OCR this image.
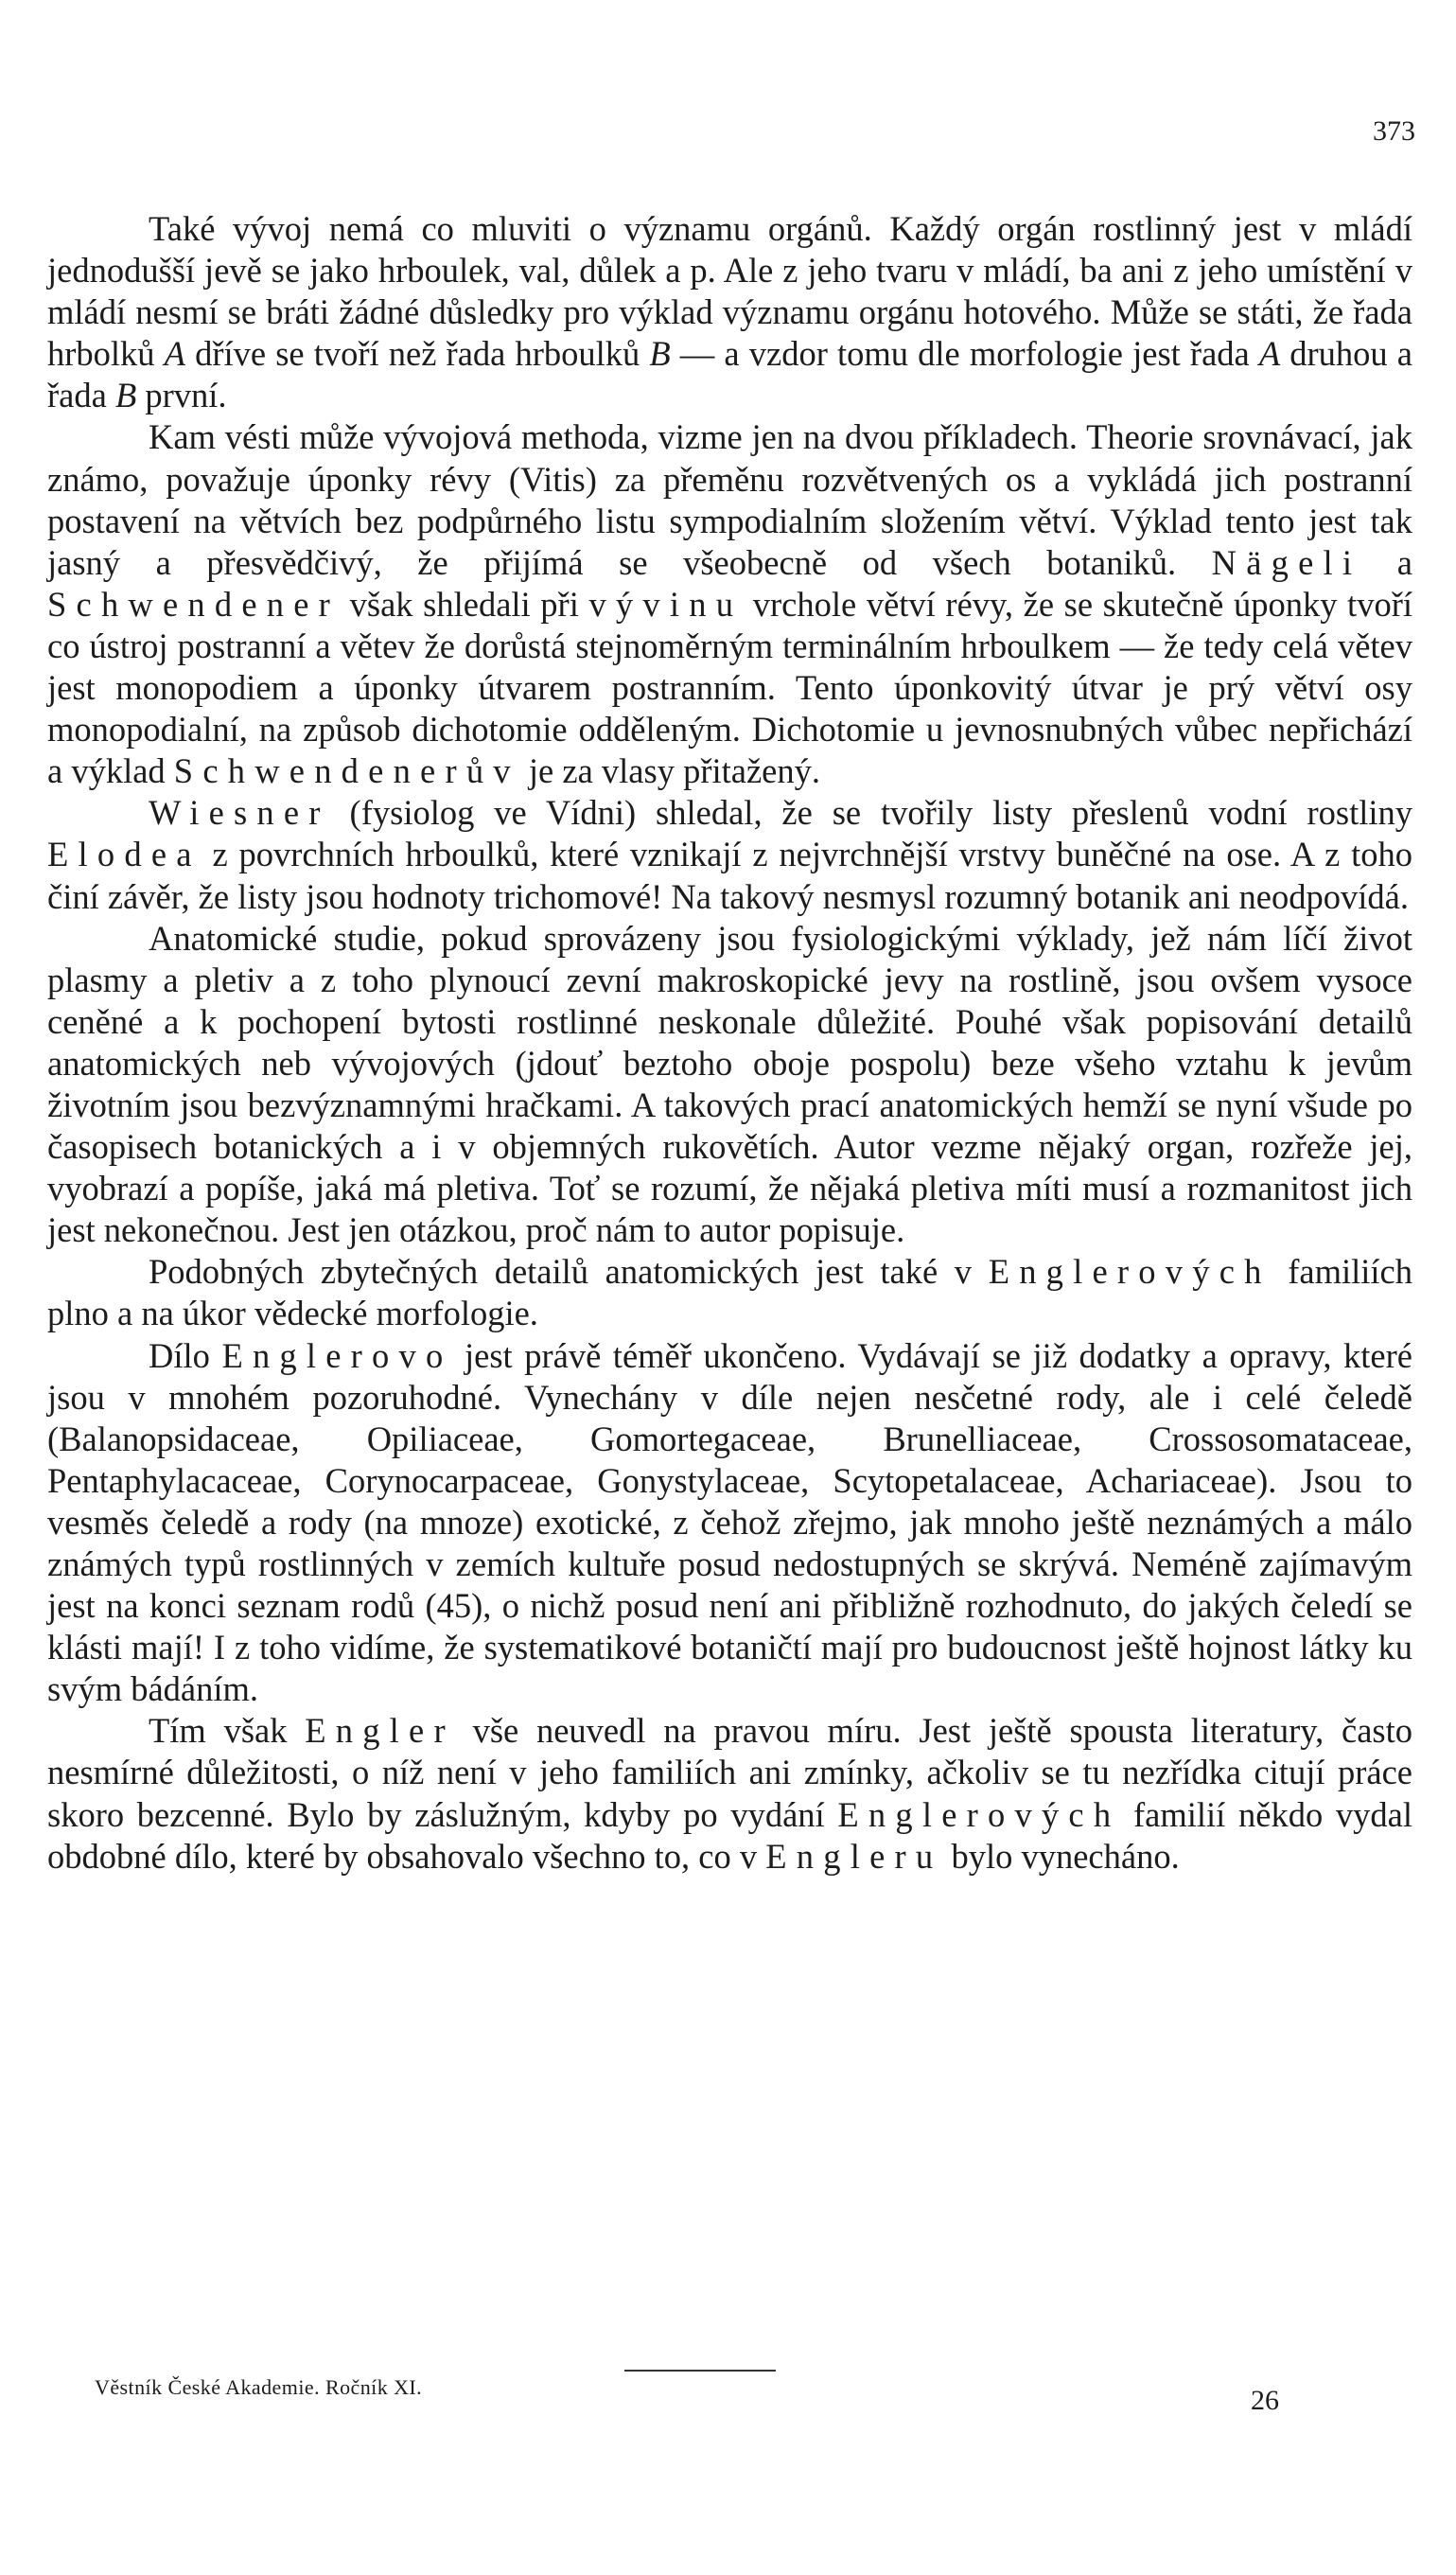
373

Také vývoj nemá co mluviti o významu orgánů. Každý orgán rostlinný jest v mládí jednodušší jevě se jako hrboulek, val, důlek a p. Ale z jeho tvaru v mládí, ba ani z jeho umístění v mládí nesmí se bráti žádné důsledky pro výklad významu orgánu hotového. Může se státi, že řada hrbolků A dříve se tvoří než řada hrboulků B — a vzdor tomu dle morfologie jest řada A druhou a řada B první.

Kam vésti může vývojová methoda, vizme jen na dvou příkladech. Theorie srovnávací, jak známo, považuje úponky révy (Vitis) za přeměnu rozvětvených os a vykládá jich postranní postavení na větvích bez podpůrného listu sympodialním složením větví. Výklad tento jest tak jasný a přesvědčivý, že přijímá se všeobecně od všech botaniků. Nägeli a Schwendener však shledali při vývinu vrchole větví révy, že se skutečně úponky tvoří co ústroj postranní a větev že dorůstá stejnoměrným terminálním hrboulkem — že tedy celá větev jest monopodiem a úponky útvarem postranním. Tento úponkovitý útvar je prý větví osy monopodialní, na způsob dichotomie odděleným. Dichotomie u jevnosnubných vůbec nepřichází a výklad Schwendenerův je za vlasy přitažený.

Wiesner (fysiolog ve Vídni) shledal, že se tvořily listy přeslenů vodní rostliny Elodea z povrchních hrboulků, které vznikají z nejvrchnější vrstvy buněčné na ose. A z toho činí závěr, že listy jsou hodnoty trichomové! Na takový nesmysl rozumný botanik ani neodpovídá.

Anatomické studie, pokud sprovázeny jsou fysiologickými výklady, jež nám líčí život plasmy a pletiv a z toho plynoucí zevní makroskopické jevy na rostlině, jsou ovšem vysoce ceněné a k pochopení bytosti rostlinné neskonale důležité. Pouhé však popisování detailů anatomických neb vývojových (jdouť beztoho oboje pospolu) beze všeho vztahu k jevům životním jsou bezvýznamnými hračkami. A takových prací anatomických hemží se nyní všude po časopisech botanických a i v objemných rukovětích. Autor vezme nějaký organ, rozřeže jej, vyobrazí a popíše, jaká má pletiva. Toť se rozumí, že nějaká pletiva míti musí a rozmanitost jich jest nekonečnou. Jest jen otázkou, proč nám to autor popisuje.

Podobných zbytečných detailů anatomických jest také v Englerových familiích plno a na úkor vědecké morfologie.

Dílo Englerovo jest právě téměř ukončeno. Vydávají se již dodatky a opravy, které jsou v mnohém pozoruhodné. Vynechány v díle nejen nesčetné rody, ale i celé čeledě (Balanopsidaceae, Opiliaceae, Gomortegaceae, Brunelliaceae, Crossosomataceae, Pentaphylacaceae, Corynocarpaceae, Gonystylaceae, Scytopetalaceae, Achariaceae). Jsou to vesměs čeledě a rody (na mnoze) exotické, z čehož zřejmo, jak mnoho ještě neznámých a málo známých typů rostlinných v zemích kultuře posud nedostupných se skrývá. Neméně zajímavým jest na konci seznam rodů (45), o nichž posud není ani přibližně rozhodnuto, do jakých čeledí se klásti mají! I z toho vidíme, že systematikové botaničtí mají pro budoucnost ještě hojnost látky ku svým bádáním.

Tím však Engler vše neuvedl na pravou míru. Jest ještě spousta literatury, často nesmírné důležitosti, o níž není v jeho familiích ani zmínky, ačkoliv se tu nezřídka citují práce skoro bezcenné. Bylo by záslužným, kdyby po vydání Englerových familií někdo vydal obdobné dílo, které by obsahovalo všechno to, co v Engleru bylo vynecháno.

Věstník České Akademie. Ročník XI.	26
